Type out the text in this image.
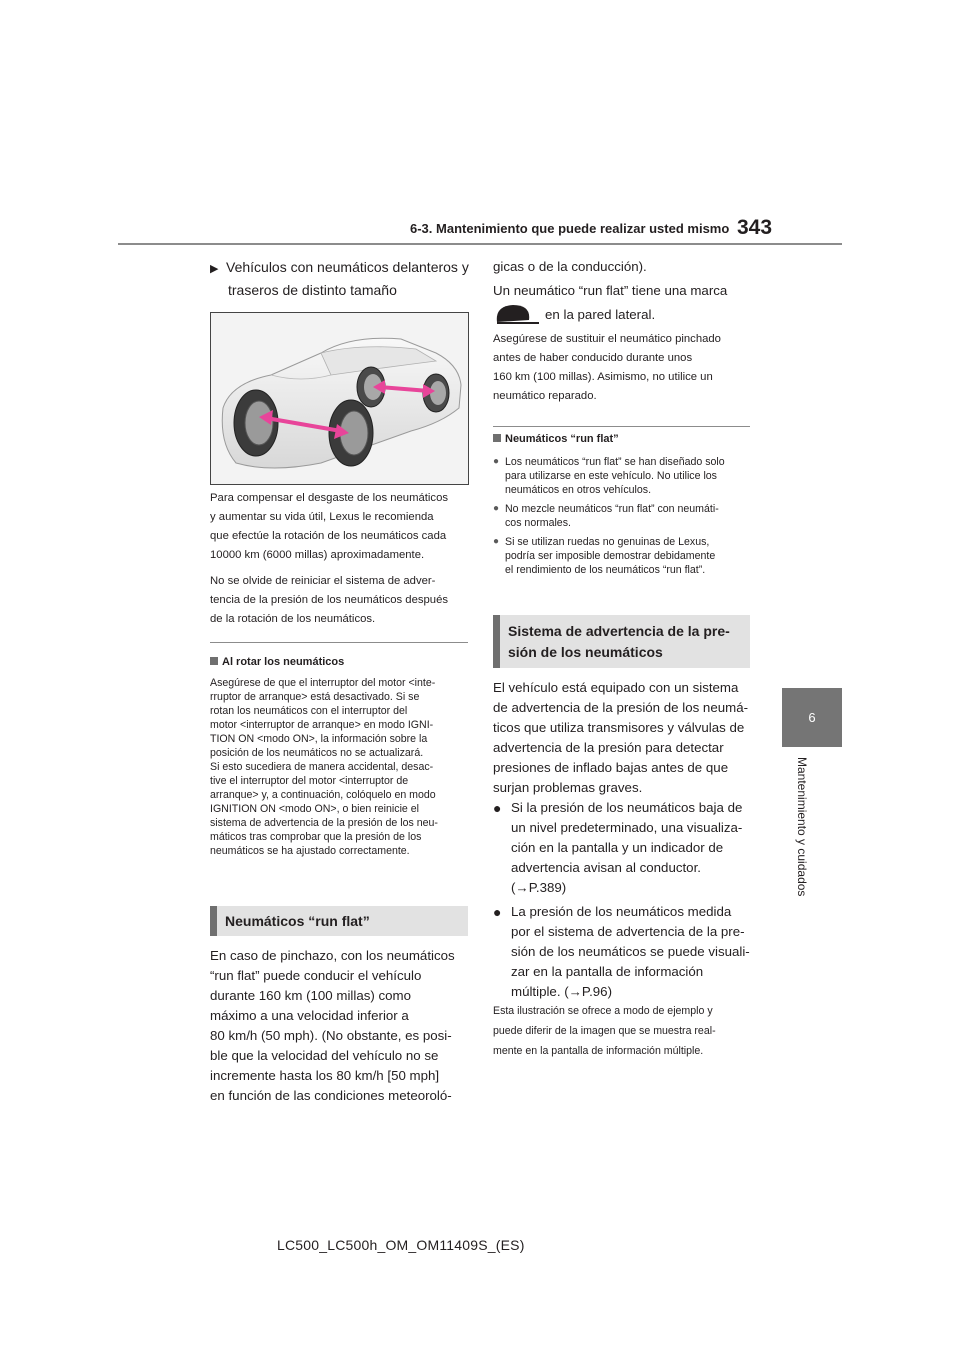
6-3. Mantenimiento que puede realizar usted mismo 343
6
Mantenimiento y cuidados
▶ Vehículos con neumáticos delanteros y
traseros de distinto tamaño
Para compensar el desgaste de los neumáticos
y aumentar su vida útil, Lexus le recomienda
que efectúe la rotación de los neumáticos cada
10000 km (6000 millas) aproximadamente.
No se olvide de reiniciar el sistema de adver-
tencia de la presión de los neumáticos después
de la rotación de los neumáticos.
Al rotar los neumáticos
Asegúrese de que el interruptor del motor <inte-
rruptor de arranque> está desactivado. Si se
rotan los neumáticos con el interruptor del
motor <interruptor de arranque> en modo IGNI-
TION ON <modo ON>, la información sobre la
posición de los neumáticos no se actualizará.
Si esto sucediera de manera accidental, desac-
tive el interruptor del motor <interruptor de
arranque> y, a continuación, colóquelo en modo
IGNITION ON <modo ON>, o bien reinicie el
sistema de advertencia de la presión de los neu-
máticos tras comprobar que la presión de los
neumáticos se ha ajustado correctamente.
Neumáticos “run flat”
En caso de pinchazo, con los neumáticos
“run flat” puede conducir el vehículo
durante 160 km (100 millas) como
máximo a una velocidad inferior a
80 km/h (50 mph). (No obstante, es posi-
ble que la velocidad del vehículo no se
incremente hasta los 80 km/h [50 mph]
en función de las condiciones meteoroló-
gicas o de la conducción).
Un neumático “run flat” tiene una marca
en la pared lateral.
Asegúrese de sustituir el neumático pinchado
antes de haber conducido durante unos
160 km (100 millas). Asimismo, no utilice un
neumático reparado.
Neumáticos “run flat”
● Los neumáticos “run flat” se han diseñado solo
para utilizarse en este vehículo. No utilice los
neumáticos en otros vehículos.
● No mezcle neumáticos “run flat” con neumáti-
cos normales.
● Si se utilizan ruedas no genuinas de Lexus,
podría ser imposible demostrar debidamente
el rendimiento de los neumáticos “run flat”.
Sistema de advertencia de la pre-
sión de los neumáticos
El vehículo está equipado con un sistema
de advertencia de la presión de los neumá-
ticos que utiliza transmisores y válvulas de
advertencia de la presión para detectar
presiones de inflado bajas antes de que
surjan problemas graves.
● Si la presión de los neumáticos baja de
un nivel predeterminado, una visualiza-
ción en la pantalla y un indicador de
advertencia avisan al conductor.
(→P.389)
● La presión de los neumáticos medida
por el sistema de advertencia de la pre-
sión de los neumáticos se puede visuali-
zar en la pantalla de información
múltiple. (→P.96)
Esta ilustración se ofrece a modo de ejemplo y
puede diferir de la imagen que se muestra real-
mente en la pantalla de información múltiple.
LC500_LC500h_OM_OM11409S_(ES)
